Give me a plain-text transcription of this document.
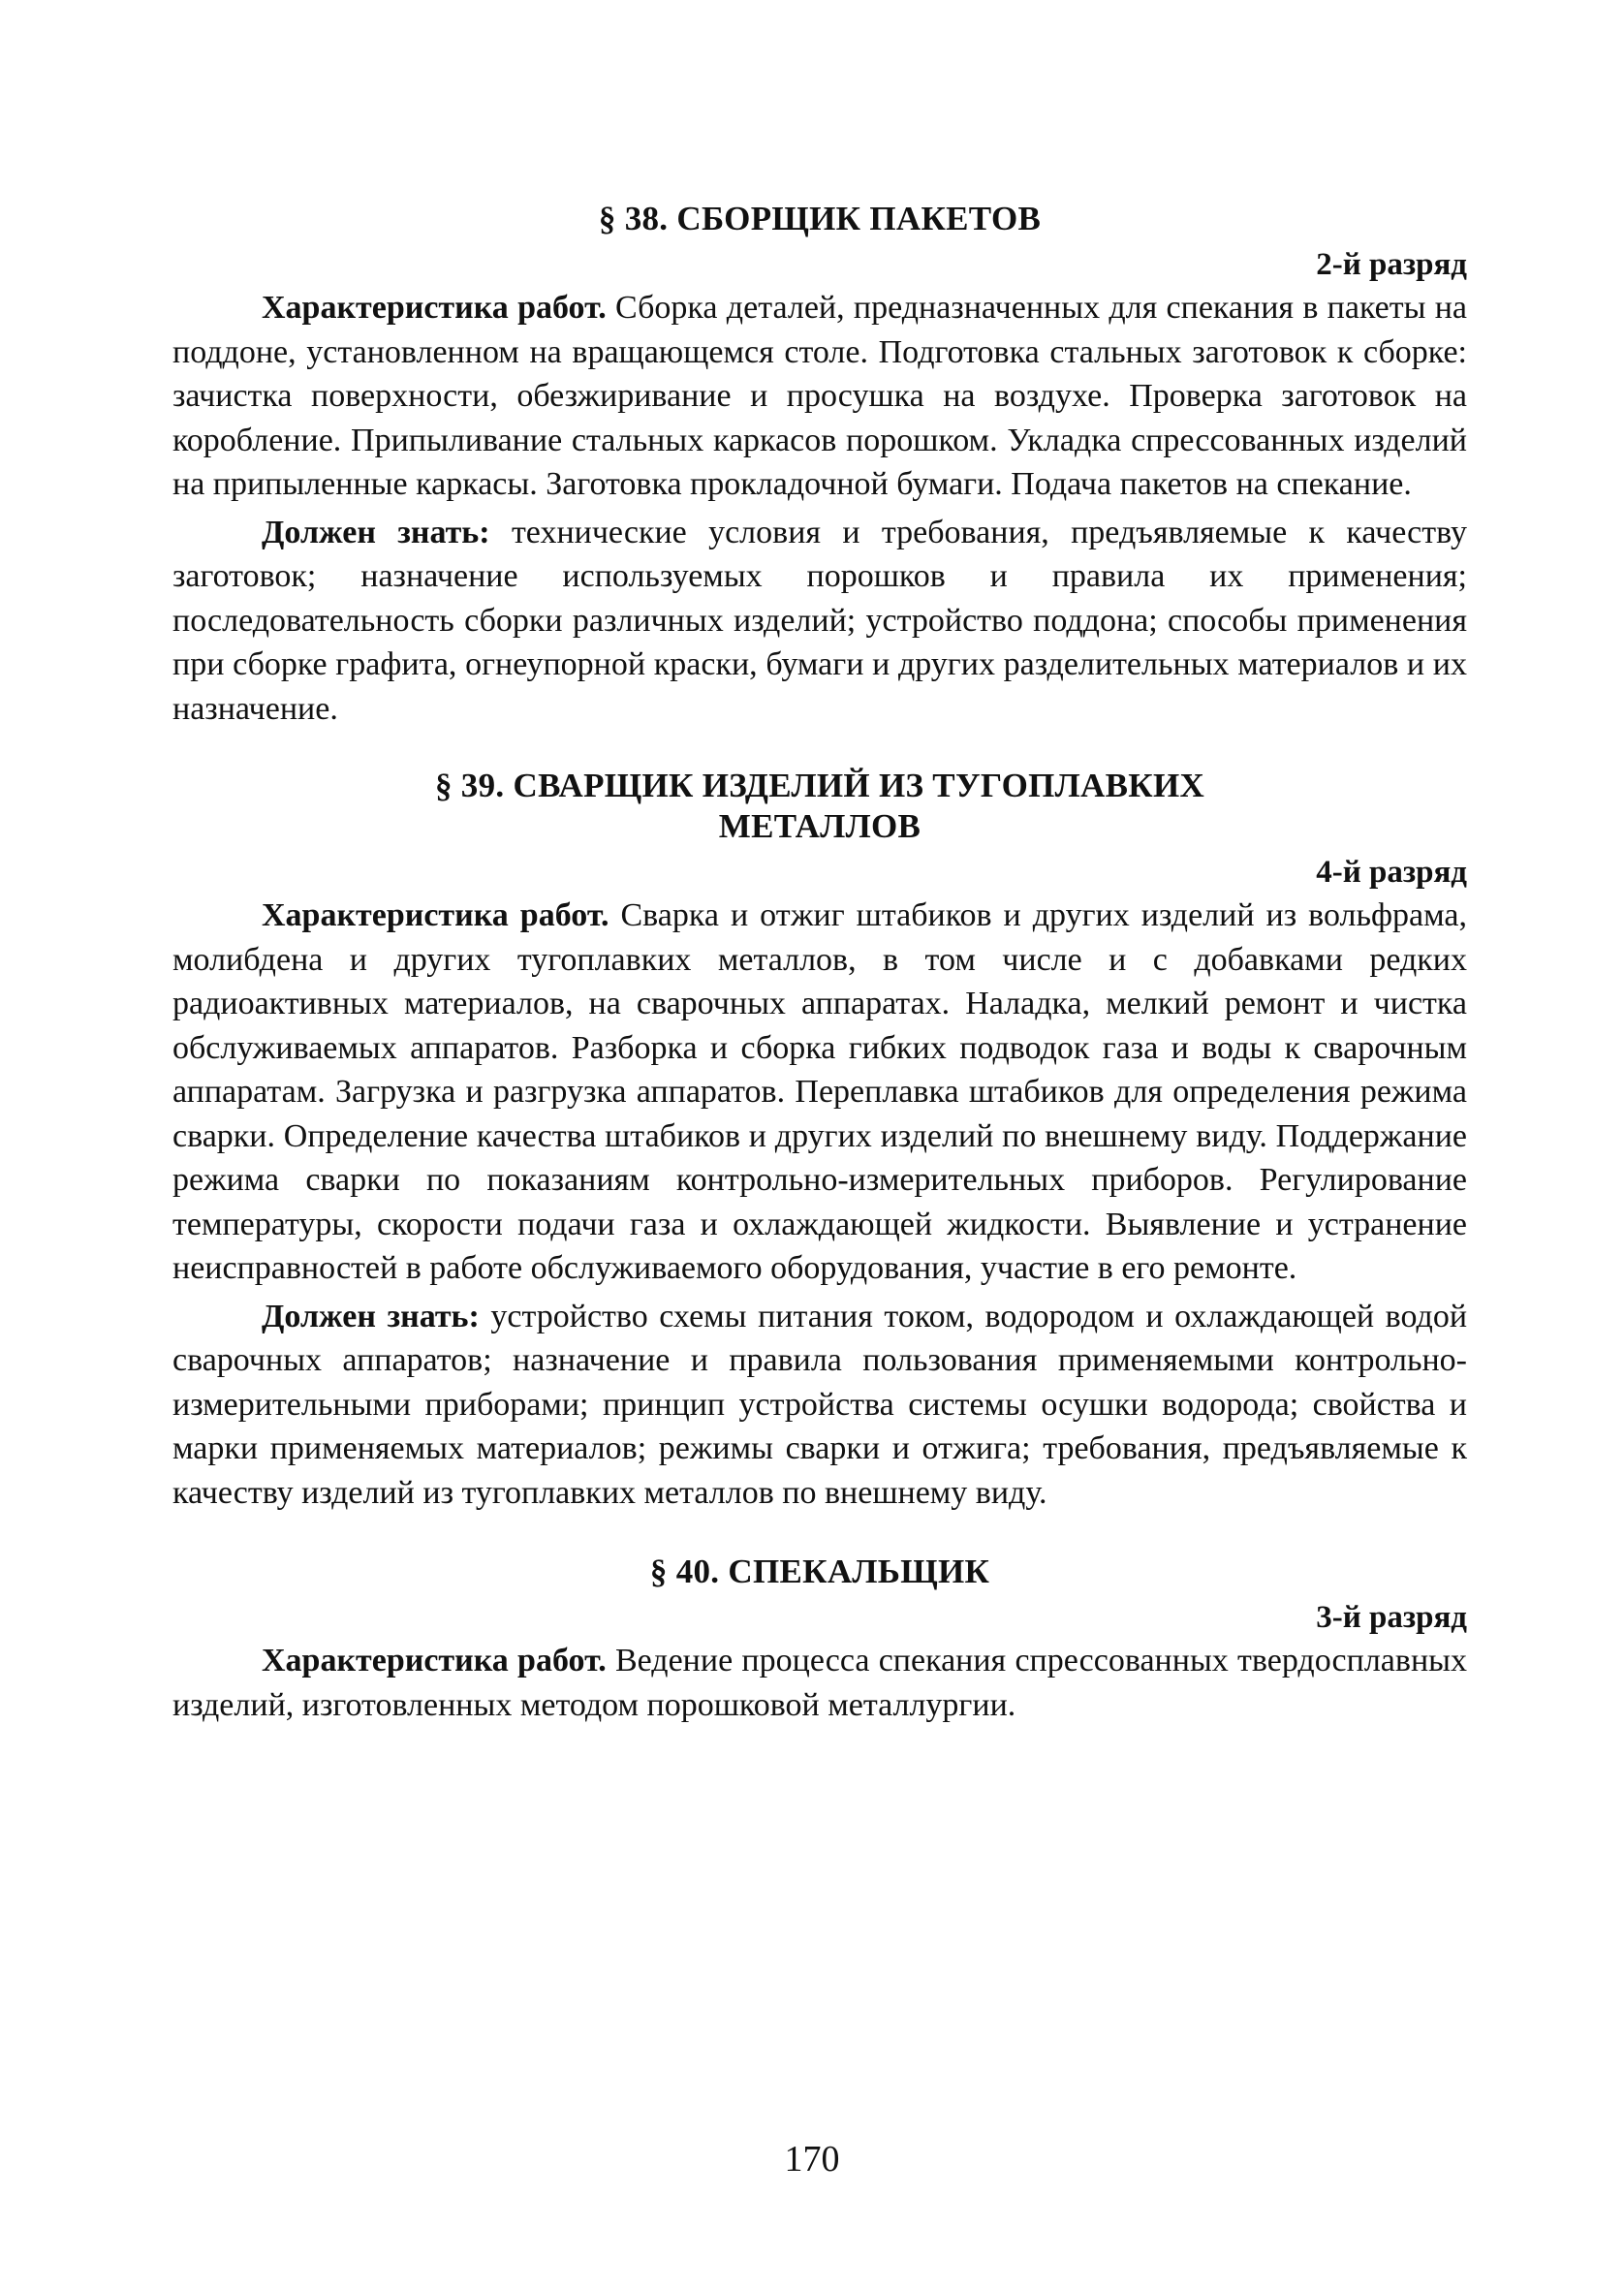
§ 38. СБОРЩИК ПАКЕТОВ
2-й разряд

Характеристика работ. Сборка деталей, предназначенных для спекания в пакеты на поддоне, установленном на вращающемся столе. Подготовка стальных заготовок к сборке: зачистка поверхности, обезжиривание и просушка на воздухе. Проверка заготовок на коробление. Припыливание стальных каркасов порошком. Укладка спрессованных изделий на припыленные каркасы. Заготовка прокладочной бумаги. Подача пакетов на спекание.

Должен знать: технические условия и требования, предъявляемые к качеству заготовок; назначение используемых порошков и правила их применения; последовательность сборки различных изделий; устройство поддона; способы применения при сборке графита, огнеупорной краски, бумаги и других разделительных материалов и их назначение.

§ 39. СВАРЩИК ИЗДЕЛИЙ ИЗ ТУГОПЛАВКИХ
МЕТАЛЛОВ
4-й разряд

Характеристика работ. Сварка и отжиг штабиков и других изделий из вольфрама, молибдена и других тугоплавких металлов, в том числе и с добавками редких радиоактивных материалов, на сварочных аппаратах. Наладка, мелкий ремонт и чистка обслуживаемых аппаратов. Разборка и сборка гибких подводок газа и воды к сварочным аппаратам. Загрузка и разгрузка аппаратов. Переплавка штабиков для определения режима сварки. Определение качества штабиков и других изделий по внешнему виду. Поддержание режима сварки по показаниям контрольно-измерительных приборов. Регулирование температуры, скорости подачи газа и охлаждающей жидкости. Выявление и устранение неисправностей в работе обслуживаемого оборудования, участие в его ремонте.

Должен знать: устройство схемы питания током, водородом и охлаждающей водой сварочных аппаратов; назначение и правила пользования применяемыми контрольно-измерительными приборами; принцип устройства системы осушки водорода; свойства и марки применяемых материалов; режимы сварки и отжига; требования, предъявляемые к качеству изделий из тугоплавких металлов по внешнему виду.

§ 40. СПЕКАЛЬЩИК
3-й разряд

Характеристика работ. Ведение процесса спекания спрессованных твердосплавных изделий, изготовленных методом порошковой металлургии.

170
